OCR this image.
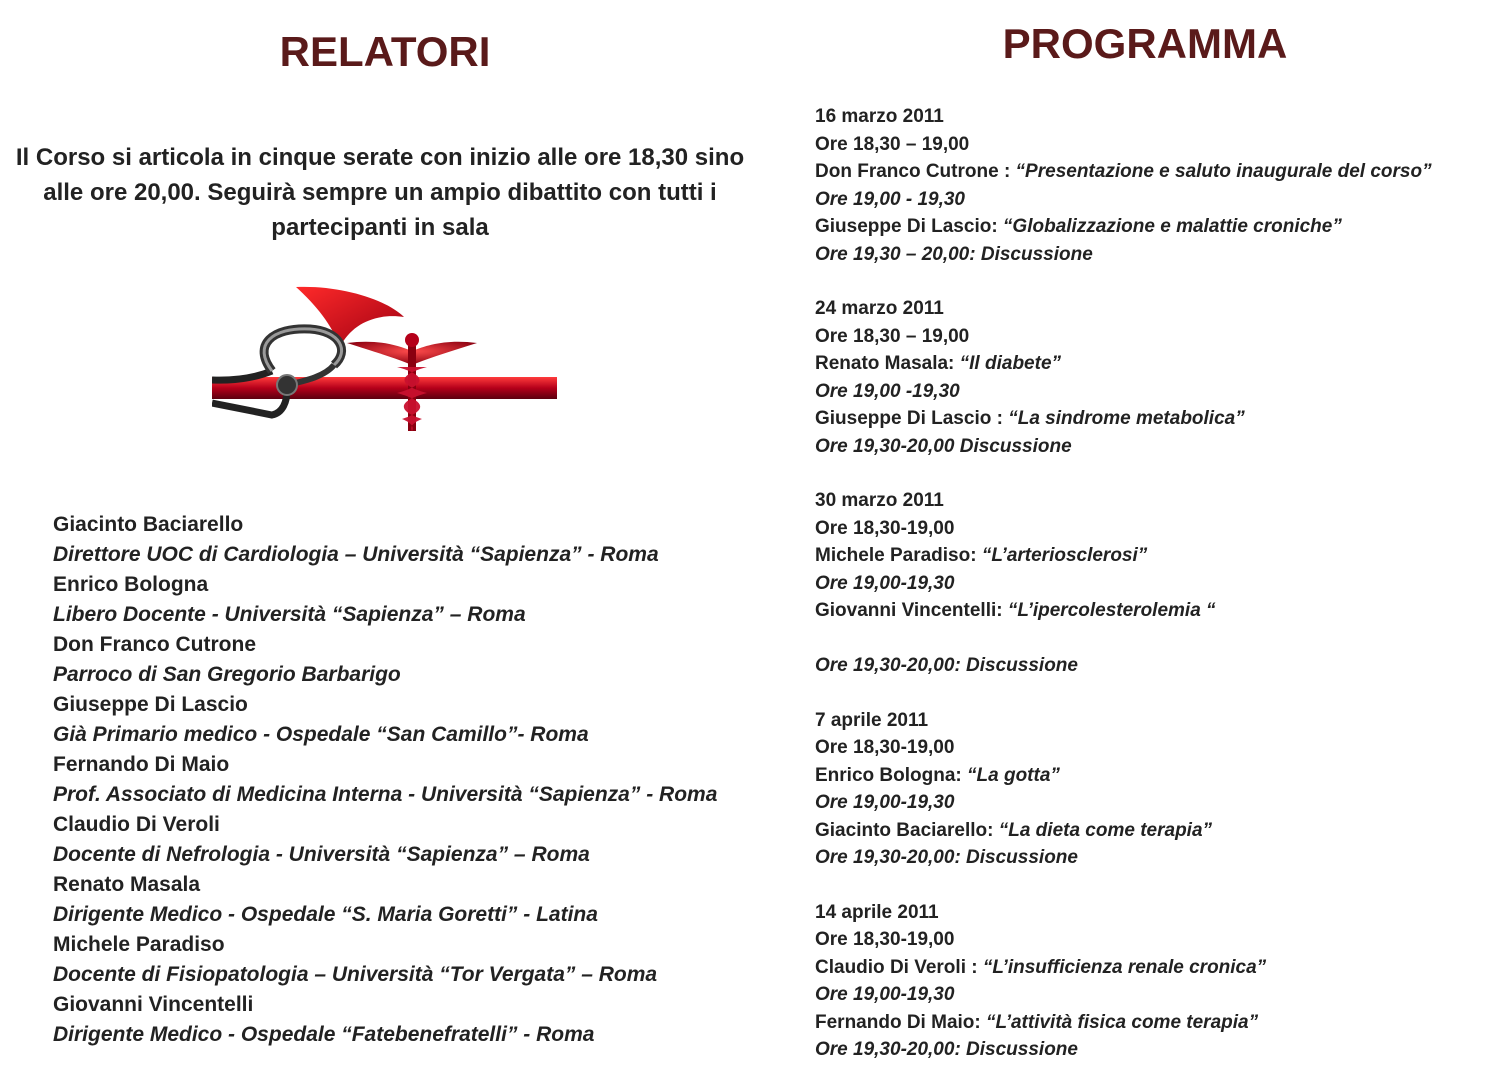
RELATORI

Il Corso si articola in cinque serate con inizio alle ore 18,30 sino alle ore 20,00. Seguirà sempre un ampio dibattito con tutti i partecipanti in sala

Giacinto Baciarello
Direttore UOC di Cardiologia – Università “Sapienza” - Roma
Enrico Bologna
Libero Docente - Università “Sapienza” – Roma
Don Franco Cutrone
Parroco di San Gregorio Barbarigo
Giuseppe Di Lascio
Già Primario medico - Ospedale “San Camillo”- Roma
Fernando Di Maio
Prof. Associato di Medicina Interna - Università “Sapienza” - Roma
Claudio Di Veroli
Docente di Nefrologia - Università “Sapienza” – Roma
Renato Masala
Dirigente Medico - Ospedale “S. Maria Goretti” - Latina
Michele Paradiso
Docente di Fisiopatologia – Università “Tor Vergata” – Roma
Giovanni Vincentelli
Dirigente Medico - Ospedale “Fatebenefratelli” - Roma
PROGRAMMA
16 marzo 2011
Ore 18,30 – 19,00
Don Franco Cutrone : “Presentazione e saluto inaugurale del corso”
Ore 19,00 - 19,30
Giuseppe Di Lascio: “Globalizzazione e malattie croniche”
Ore 19,30 – 20,00: Discussione
24 marzo 2011
Ore 18,30 – 19,00
Renato Masala: “Il diabete”
Ore 19,00 -19,30
Giuseppe Di Lascio : “La sindrome metabolica”
Ore 19,30-20,00 Discussione
30 marzo 2011
Ore 18,30-19,00
Michele Paradiso: “L’arteriosclerosi”
Ore 19,00-19,30
Giovanni Vincentelli: “L’ipercolesterolemia “
Ore 19,30-20,00: Discussione
7 aprile 2011
Ore 18,30-19,00
Enrico Bologna: “La gotta”
Ore 19,00-19,30
Giacinto Baciarello: “La dieta come terapia”
Ore 19,30-20,00: Discussione
14 aprile 2011
Ore 18,30-19,00
Claudio Di Veroli : “L’insufficienza renale cronica”
Ore 19,00-19,30
Fernando Di Maio: “L’attività fisica come terapia”
Ore 19,30-20,00: Discussione
